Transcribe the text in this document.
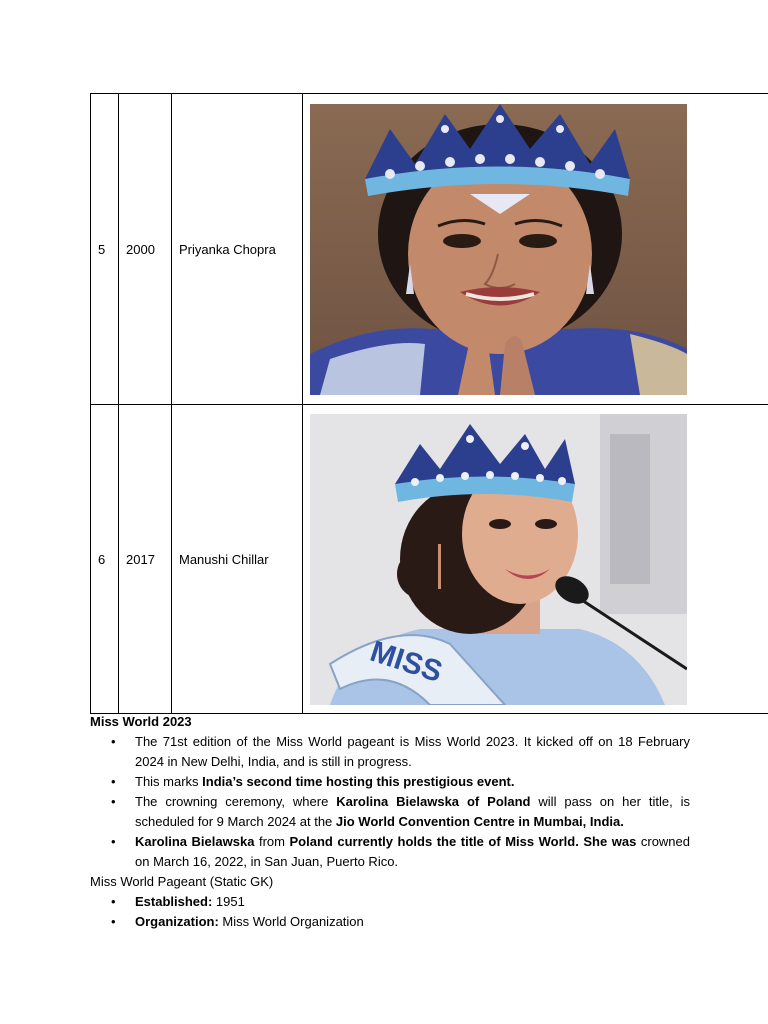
5	2000	Priyanka Chopra	

6	2017	Manushi Chillar	MISS
Miss World 2023
• The 71st edition of the Miss World pageant is Miss World 2023. It kicked off on 18 February 2024 in New Delhi, India, and is still in progress.
• This marks India’s second time hosting this prestigious event.
• The crowning ceremony, where Karolina Bielawska of Poland will pass on her title, is scheduled for 9 March 2024 at the Jio World Convention Centre in Mumbai, India.
• Karolina Bielawska from Poland currently holds the title of Miss World. She was crowned on March 16, 2022, in San Juan, Puerto Rico.
Miss World Pageant (Static GK)
• Established: 1951
• Organization: Miss World Organization
